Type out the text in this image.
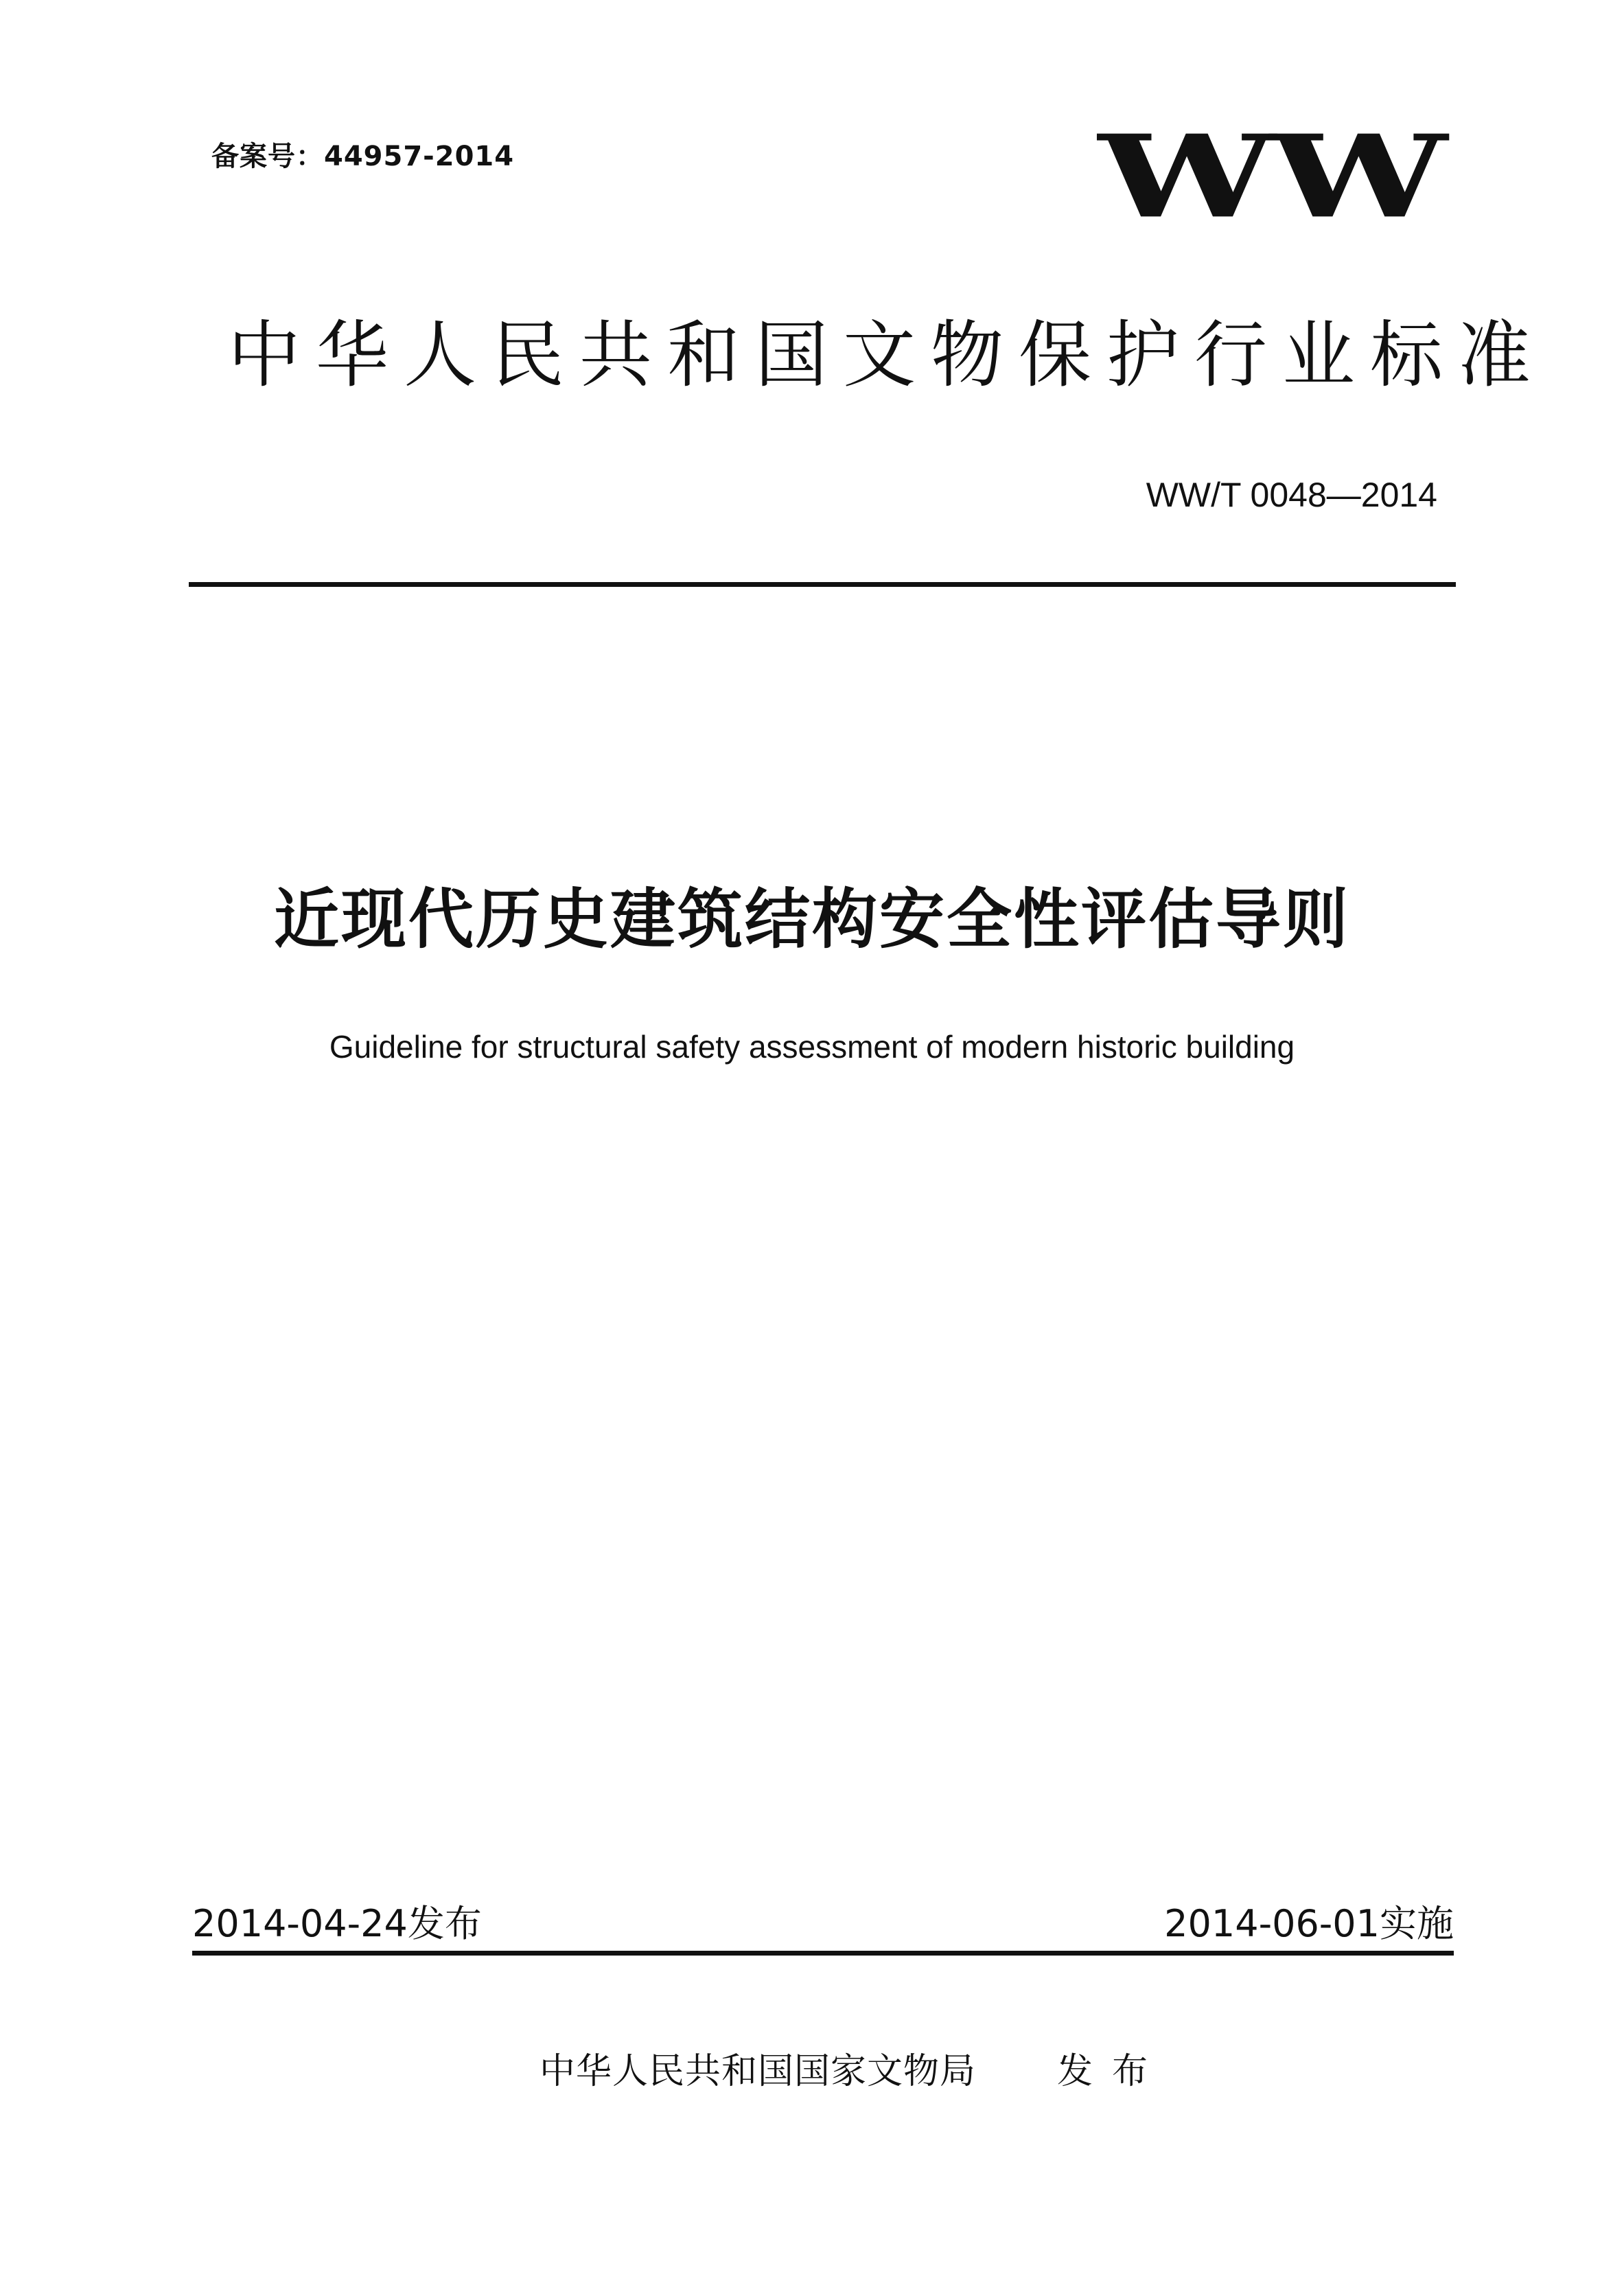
备案号：44957-2014	WW
中华人民共和国文物保护行业标准
WW/T 0048—2014
近现代历史建筑结构安全性评估导则
Guideline for structural safety assessment of modern historic building
2014-04-24发布	2014-06-01实施
中华人民共和国国家文物局 发布
